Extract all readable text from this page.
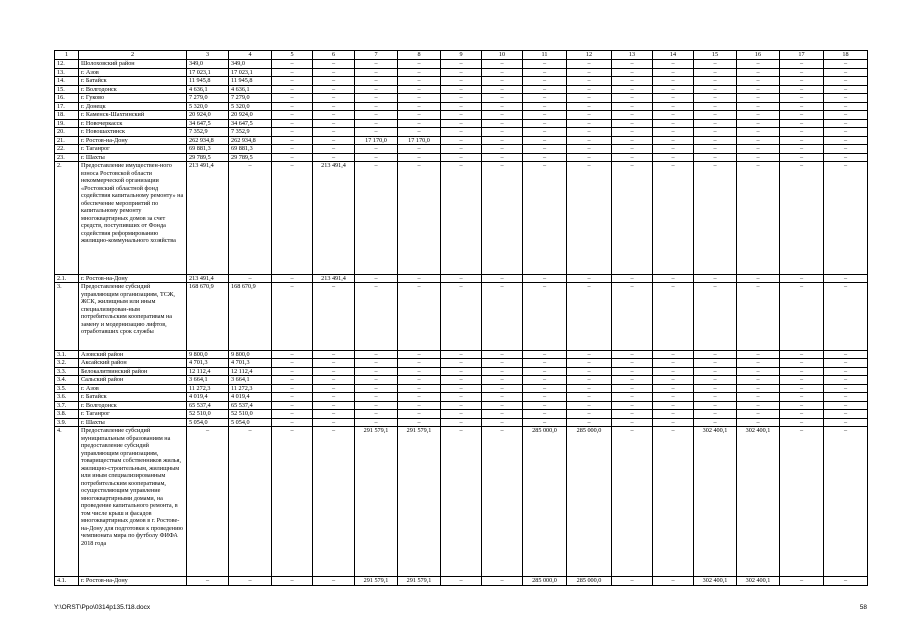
1	2	3	4	5	6	7	8	9	10	11	12	13	14	15	16	17	18
12.	Шолоховский район	349,0	349,0	–	–	–	–	–	–	–	–	–	–	–	–	–	–
13.	г. Азов	17 023,1	17 023,1	–	–	–	–	–	–	–	–	–	–	–	–	–	–
14.	г. Батайск	11 945,8	11 945,8	–	–	–	–	–	–	–	–	–	–	–	–	–	–
15.	г. Волгодонск	4 636,1	4 636,1	–	–	–	–	–	–	–	–	–	–	–	–	–	–
16.	г. Гуково	7 279,0	7 279,0	–	–	–	–	–	–	–	–	–	–	–	–	–	–
17.	г. Донецк	5 320,0	5 320,0	–	–	–	–	–	–	–	–	–	–	–	–	–	–
18.	г. Каменск-Шахтинский	20 924,0	20 924,0	–	–	–	–	–	–	–	–	–	–	–	–	–	–
19.	г. Новочеркасск	34 647,5	34 647,5	–	–	–	–	–	–	–	–	–	–	–	–	–	–
20.	г. Новошахтинск	7 352,9	7 352,9	–	–	–	–	–	–	–	–	–	–	–	–	–	–
21.	г. Ростов-на-Дону	262 934,8	262 934,8	–	–	17 170,0	17 170,0	–	–	–	–	–	–	–	–	–	–
22.	г. Таганрог	69 881,3	69 881,3	–	–	–	–	–	–	–	–	–	–	–	–	–	–
23.	г. Шахты	29 789,5	29 789,5	–	–	–	–	–	–	–	–	–	–	–	–	–	–
2.	Предоставление имуществен-ного взноса Ростовской области некоммерческой организации «Ростовский областной фонд содействия капитальному ремонту» на обеспечение мероприятий по капитальному ремонту многоквартирных домов за счет средств, поступивших от Фонда содействия реформированию жилищно-коммунального хозяйства	213 491,4	–	–	213 491,4	–	–	–	–	–	–	–	–	–	–	–	–
2.1.	г. Ростов-на-Дону	213 491,4	–	–	213 491,4	–	–	–	–	–	–	–	–	–	–	–	–
3.	Предоставление субсидий управляющим организациям, ТСЖ, ЖСК, жилищным или иным специализирован-ным потребительским кооперативам на замену и модернизацию лифтов, отработавших срок службы	168 670,9	168 670,9	–	–	–	–	–	–	–	–	–	–	–	–	–	–
3.1.	Азовский район	9 800,0	9 800,0	–	–	–	–	–	–	–	–	–	–	–	–	–	–
3.2.	Аксайский район	4 701,3	4 701,3	–	–	–	–	–	–	–	–	–	–	–	–	–	–
3.3.	Белокалитвинский район	12 112,4	12 112,4	–	–	–	–	–	–	–	–	–	–	–	–	–	–
3.4.	Сальский район	3 664,1	3 664,1	–	–	–	–	–	–	–	–	–	–	–	–	–	–
3.5.	г. Азов	11 272,3	11 272,3	–	–	–	–	–	–	–	–	–	–	–	–	–	–
3.6.	г. Батайск	4 019,4	4 019,4	–	–	–	–	–	–	–	–	–	–	–	–	–	–
3.7.	г. Волгодонск	65 537,4	65 537,4	–	–	–	–	–	–	–	–	–	–	–	–	–	–
3.8.	г. Таганрог	52 510,0	52 510,0	–	–	–	–	–	–	–	–	–	–	–	–	–	–
3.9.	г. Шахты	5 054,0	5 054,0	–	–	–	–	–	–	–	–	–	–	–	–	–	–
4.	Предоставление субсидий муниципальным образованиям на предоставление субсидий управляющим организациям, товариществам собственников жилья, жилищно-строительным, жилищным или иным специализированным потребительским кооперативам, осуществляющим управление многоквартирными домами, на проведение капитального ремонта, в том числе крыш и фасадов многоквартирных домов в г. Ростове-на-Дону для подготовки к проведению чемпионата мира по футболу ФИФА 2018 года	–	–	–	–	291 579,1	291 579,1	–	–	285 000,0	285 000,0	–	–	302 400,1	302 400,1	–	–
4.1.	г. Ростов-на-Дону	–	–	–	–	291 579,1	291 579,1	–	–	285 000,0	285 000,0	–	–	302 400,1	302 400,1	–	–
Y:\ORST\Ppo\0314p135.f18.docx	58
